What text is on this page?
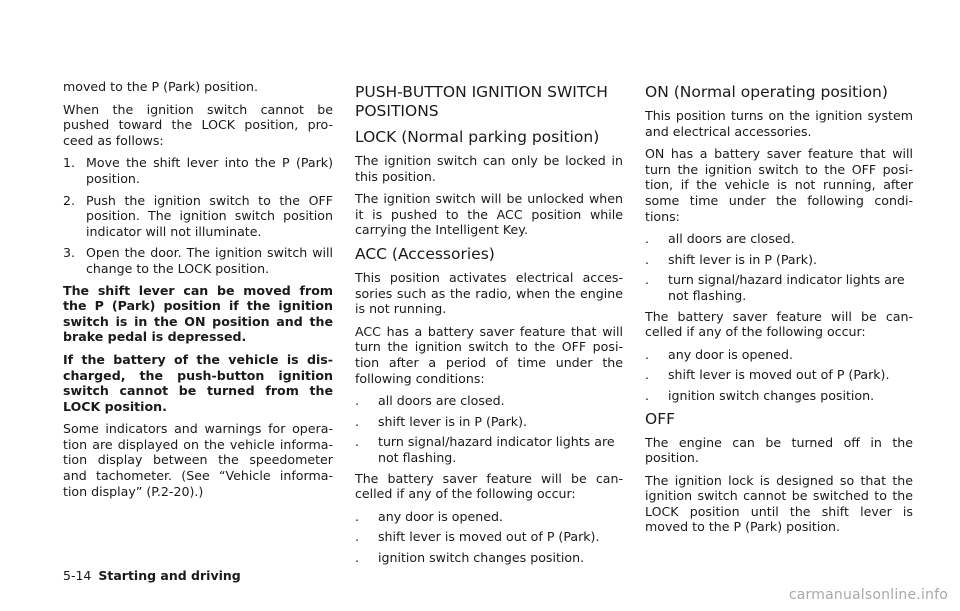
moved to the P (Park) position.

When the ignition switch cannot be pushed toward the LOCK position, pro-ceed as follows:

1. Move the shift lever into the P (Park) position.
2. Push the ignition switch to the OFF position. The ignition switch position indicator will not illuminate.
3. Open the door. The ignition switch will change to the LOCK position.

The shift lever can be moved from the P (Park) position if the ignition switch is in the ON position and the brake pedal is depressed.

If the battery of the vehicle is dis-charged, the push-button ignition switch cannot be turned from the LOCK position.

Some indicators and warnings for opera-tion are displayed on the vehicle informa-tion display between the speedometer and tachometer. (See “Vehicle informa-tion display” (P.2-20).)

PUSH-BUTTON IGNITION SWITCH POSITIONS
LOCK (Normal parking position)

The ignition switch can only be locked in this position.

The ignition switch will be unlocked when it is pushed to the ACC position while carrying the Intelligent Key.

ACC (Accessories)

This position activates electrical acces-sories such as the radio, when the engine is not running.

ACC has a battery saver feature that will turn the ignition switch to the OFF posi-tion after a period of time under the following conditions:

. all doors are closed.
. shift lever is in P (Park).
. turn signal/hazard indicator lights are not flashing.

The battery saver feature will be can-celled if any of the following occur:

. any door is opened.
. shift lever is moved out of P (Park).
. ignition switch changes position.
ON (Normal operating position)

This position turns on the ignition system and electrical accessories.

ON has a battery saver feature that will turn the ignition switch to the OFF posi-tion, if the vehicle is not running, after some time under the following condi-tions:

. all doors are closed.
. shift lever is in P (Park).
. turn signal/hazard indicator lights are not flashing.

The battery saver feature will be can-celled if any of the following occur:

. any door is opened.
. shift lever is moved out of P (Park).
. ignition switch changes position.
OFF

The engine can be turned off in the position.

The ignition lock is designed so that the ignition switch cannot be switched to the LOCK position until the shift lever is moved to the P (Park) position.

5-14 Starting and driving
carmanualsonline.info
